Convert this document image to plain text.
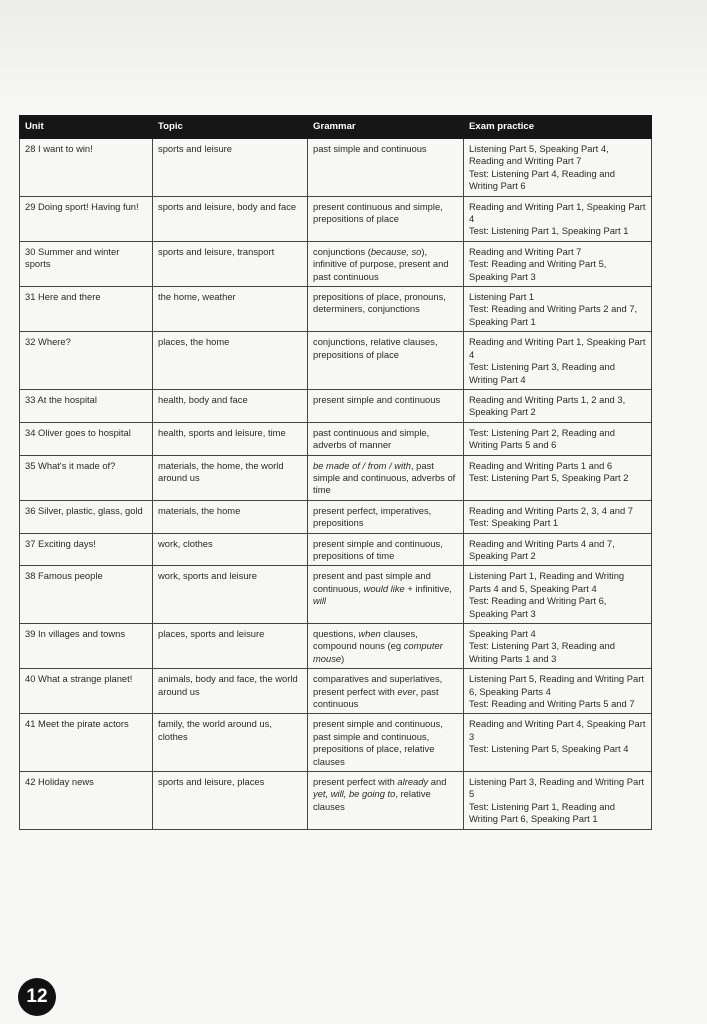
Unit	Topic	Grammar	Exam practice
28 I want to win!	sports and leisure	past simple and continuous	Listening Part 5, Speaking Part 4, Reading and Writing Part 7
Test: Listening Part 4, Reading and Writing Part 6

29 Doing sport! Having fun!	sports and leisure, body and face	present continuous and simple, prepositions of place	Reading and Writing Part 1, Speaking Part 4
Test: Listening Part 1, Speaking Part 1

30 Summer and winter sports	sports and leisure, transport	conjunctions (because, so), infinitive of purpose, present and past continuous	Reading and Writing Part 7
Test: Reading and Writing Part 5, Speaking Part 3

31 Here and there	the home, weather	prepositions of place, pronouns, determiners, conjunctions	Listening Part 1
Test: Reading and Writing Parts 2 and 7, Speaking Part 1

32 Where?	places, the home	conjunctions, relative clauses, prepositions of place	Reading and Writing Part 1, Speaking Part 4
Test: Listening Part 3, Reading and Writing Part 4

33 At the hospital	health, body and face	present simple and continuous	Reading and Writing Parts 1, 2 and 3, Speaking Part 2

34 Oliver goes to hospital	health, sports and leisure, time	past continuous and simple, adverbs of manner	Test: Listening Part 2, Reading and Writing Parts 5 and 6

35 What's it made of?	materials, the home, the world around us	be made of / from / with, past simple and continuous, adverbs of time	Reading and Writing Parts 1 and 6
Test: Listening Part 5, Speaking Part 2

36 Silver, plastic, glass, gold	materials, the home	present perfect, imperatives, prepositions	Reading and Writing Parts 2, 3, 4 and 7
Test: Speaking Part 1

37 Exciting days!	work, clothes	present simple and continuous, prepositions of time	Reading and Writing Parts 4 and 7, Speaking Part 2

38 Famous people	work, sports and leisure	present and past simple and continuous, would like + infinitive, will	Listening Part 1, Reading and Writing Parts 4 and 5, Speaking Part 4
Test: Reading and Writing Part 6, Speaking Part 3

39 In villages and towns	places, sports and leisure	questions, when clauses, compound nouns (eg computer mouse)	Speaking Part 4
Test: Listening Part 3, Reading and Writing Parts 1 and 3

40 What a strange planet!	animals, body and face, the world around us	comparatives and superlatives, present perfect with ever, past continuous	Listening Part 5, Reading and Writing Part 6, Speaking Parts 4
Test: Reading and Writing Parts 5 and 7

41 Meet the pirate actors	family, the world around us, clothes	present simple and continuous, past simple and continuous, prepositions of place, relative clauses	Reading and Writing Part 4, Speaking Part 3
Test: Listening Part 5, Speaking Part 4

42 Holiday news	sports and leisure, places	present perfect with already and yet, will, be going to, relative clauses	Listening Part 3, Reading and Writing Part 5
Test: Listening Part 1, Reading and Writing Part 6, Speaking Part 1
12
